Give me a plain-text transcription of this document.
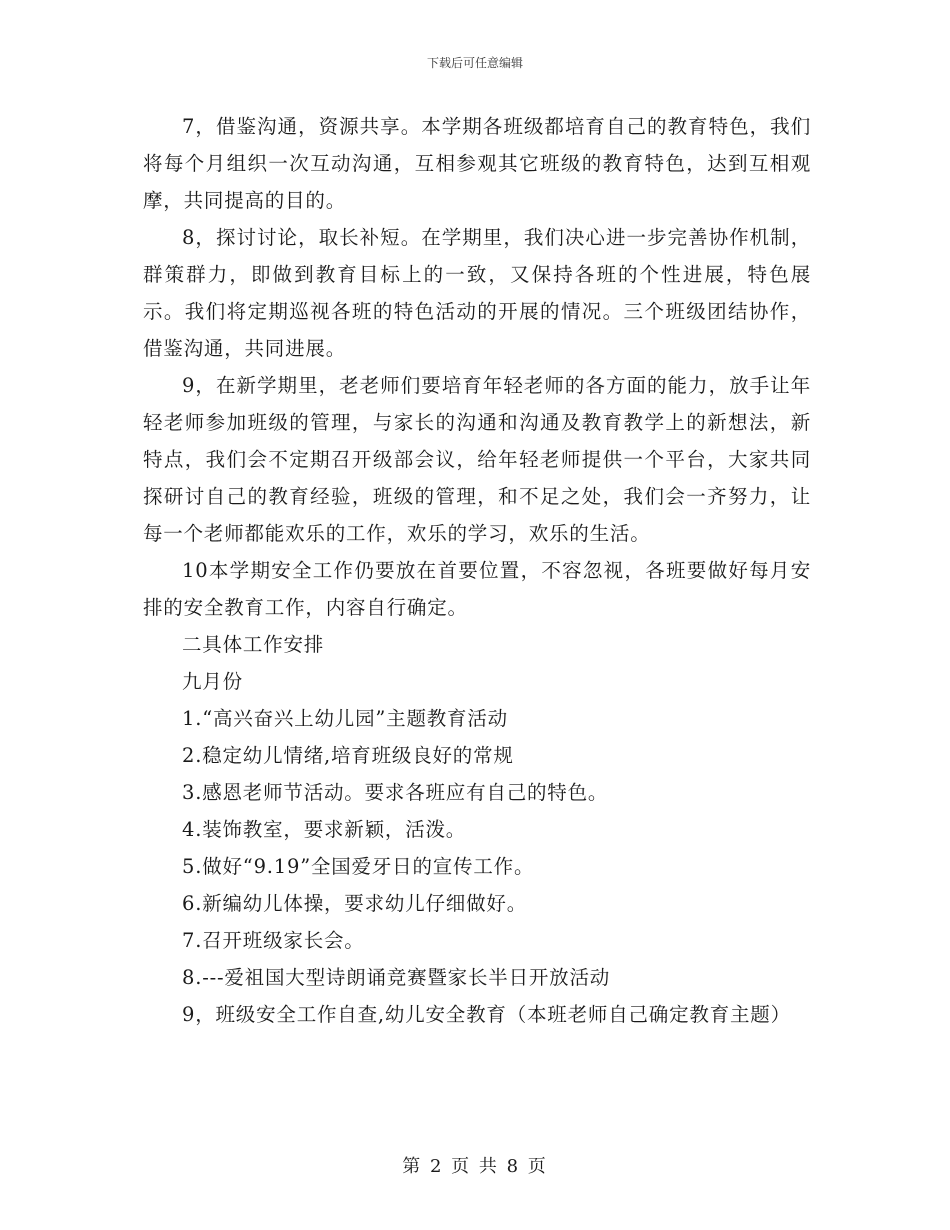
下载后可任意编辑

7，借鉴沟通，资源共享。本学期各班级都培育自己的教育特色，我们将每个月组织一次互动沟通，互相参观其它班级的教育特色，达到互相观摩，共同提高的目的。

8，探讨讨论，取长补短。在学期里，我们决心进一步完善协作机制，群策群力，即做到教育目标上的一致，又保持各班的个性进展，特色展示。我们将定期巡视各班的特色活动的开展的情况。三个班级团结协作，借鉴沟通，共同进展。

9，在新学期里，老老师们要培育年轻老师的各方面的能力，放手让年轻老师参加班级的管理，与家长的沟通和沟通及教育教学上的新想法，新特点，我们会不定期召开级部会议，给年轻老师提供一个平台，大家共同探研讨自己的教育经验，班级的管理，和不足之处，我们会一齐努力，让每一个老师都能欢乐的工作，欢乐的学习，欢乐的生活。

10本学期安全工作仍要放在首要位置，不容忽视，各班要做好每月安排的安全教育工作，内容自行确定。

二具体工作安排

九月份

1.“高兴奋兴上幼儿园”主题教育活动

2.稳定幼儿情绪,培育班级良好的常规

3.感恩老师节活动。要求各班应有自己的特色。

4.装饰教室，要求新颖，活泼。

5.做好“9.19”全国爱牙日的宣传工作。

6.新编幼儿体操，要求幼儿仔细做好。

7.召开班级家长会。

8.---爱祖国大型诗朗诵竞赛暨家长半日开放活动

9，班级安全工作自查,幼儿安全教育（本班老师自己确定教育主题）

第 2 页 共 8 页
